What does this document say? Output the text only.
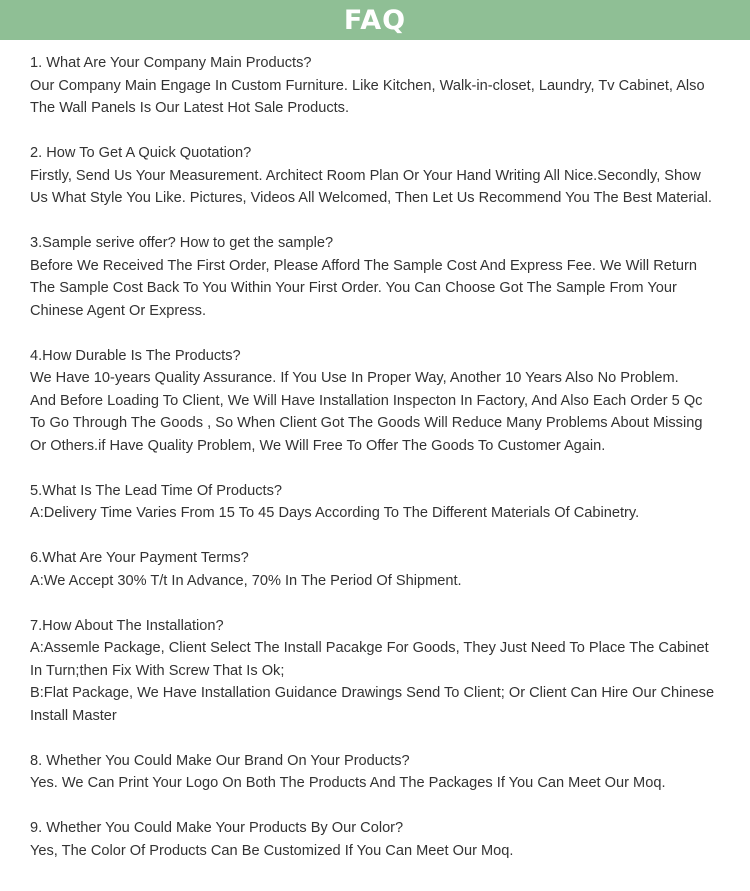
FAQ
1. What Are Your Company Main Products?
Our Company Main Engage In Custom Furniture. Like Kitchen, Walk-in-closet, Laundry, Tv Cabinet, Also
The Wall Panels Is Our Latest Hot Sale Products.
2. How To Get A Quick Quotation?
Firstly, Send Us Your Measurement. Architect Room Plan Or Your Hand Writing All Nice.Secondly, Show
Us What Style You Like. Pictures, Videos All Welcomed, Then Let Us Recommend You The Best Material.
3.Sample serive offer? How to get the sample?
Before We Received The First Order, Please Afford The Sample Cost And Express Fee. We Will Return
The Sample Cost Back To You Within Your First Order. You Can Choose Got The Sample From Your
Chinese Agent Or Express.
4.How Durable Is The Products?
We Have 10-years Quality Assurance. If You Use In Proper Way, Another 10 Years Also No Problem.
And Before Loading To Client, We Will Have Installation Inspecton In Factory, And Also Each Order 5 Qc
To Go Through The Goods , So When Client Got The Goods Will Reduce Many Problems About Missing
Or Others.if Have Quality Problem, We Will Free To Offer The Goods To Customer Again.
5.What Is The Lead Time Of Products?
A:Delivery Time Varies From 15 To 45 Days According To The Different Materials Of Cabinetry.
6.What Are Your Payment Terms?
A:We Accept 30% T/t In Advance, 70% In The Period Of Shipment.
7.How About The Installation?
A:Assemle Package, Client Select The Install Pacakge For Goods, They Just Need To Place The Cabinet
In Turn;then Fix With Screw That Is Ok;
B:Flat Package, We Have Installation Guidance Drawings Send To Client; Or Client Can Hire Our Chinese
Install Master
8. Whether You Could Make Our Brand On Your Products?
Yes. We Can Print Your Logo On Both The Products And The Packages If You Can Meet Our Moq.
9. Whether You Could Make Your Products By Our Color?
Yes, The Color Of Products Can Be Customized If You Can Meet Our Moq.
